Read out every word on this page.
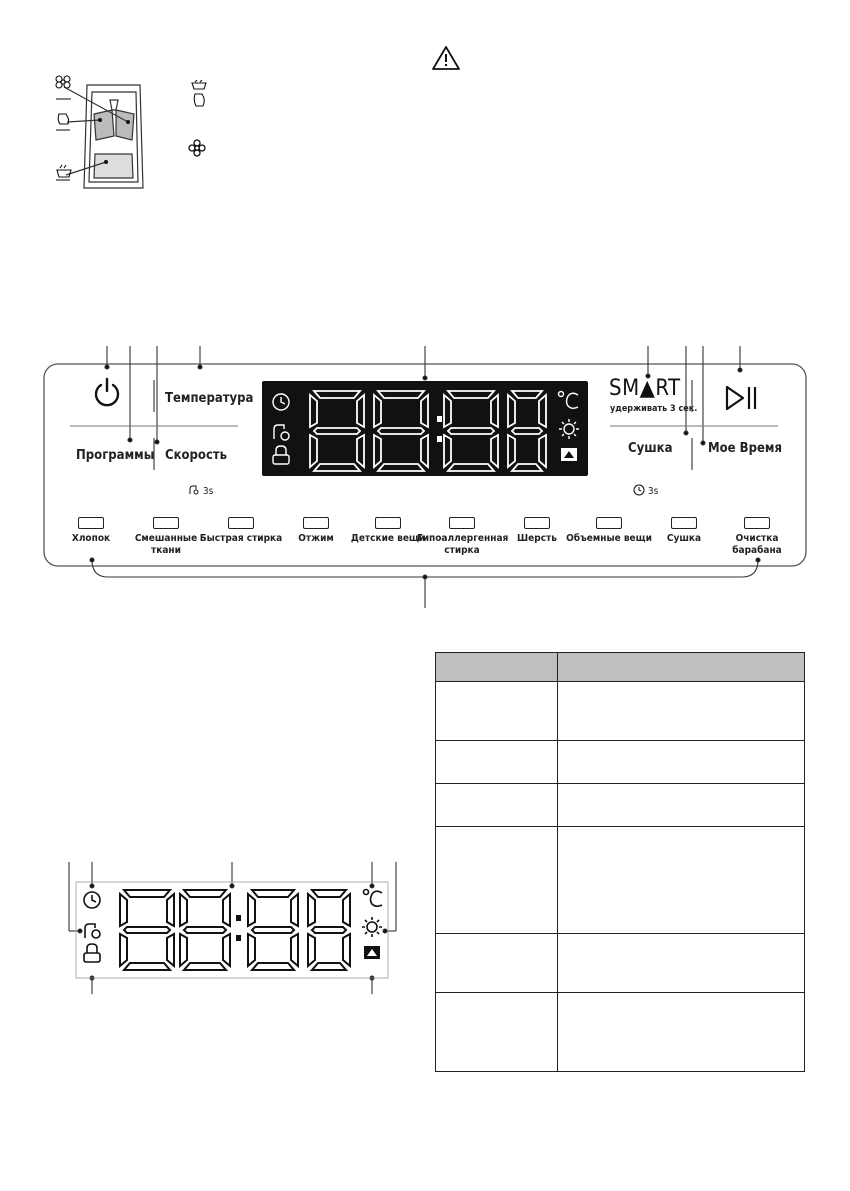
Температура
Программы Скорость
3s
SM▲RT
удерживать 3 сек.
Сушка	Мое Время
3s
Хлопок	Смешанные ткани
Быстрая стирка	Отжим	Детские вещи
Гипоаллергенная стирка
Шерсть Объемные вещи	Сушка	Очистка барабана
